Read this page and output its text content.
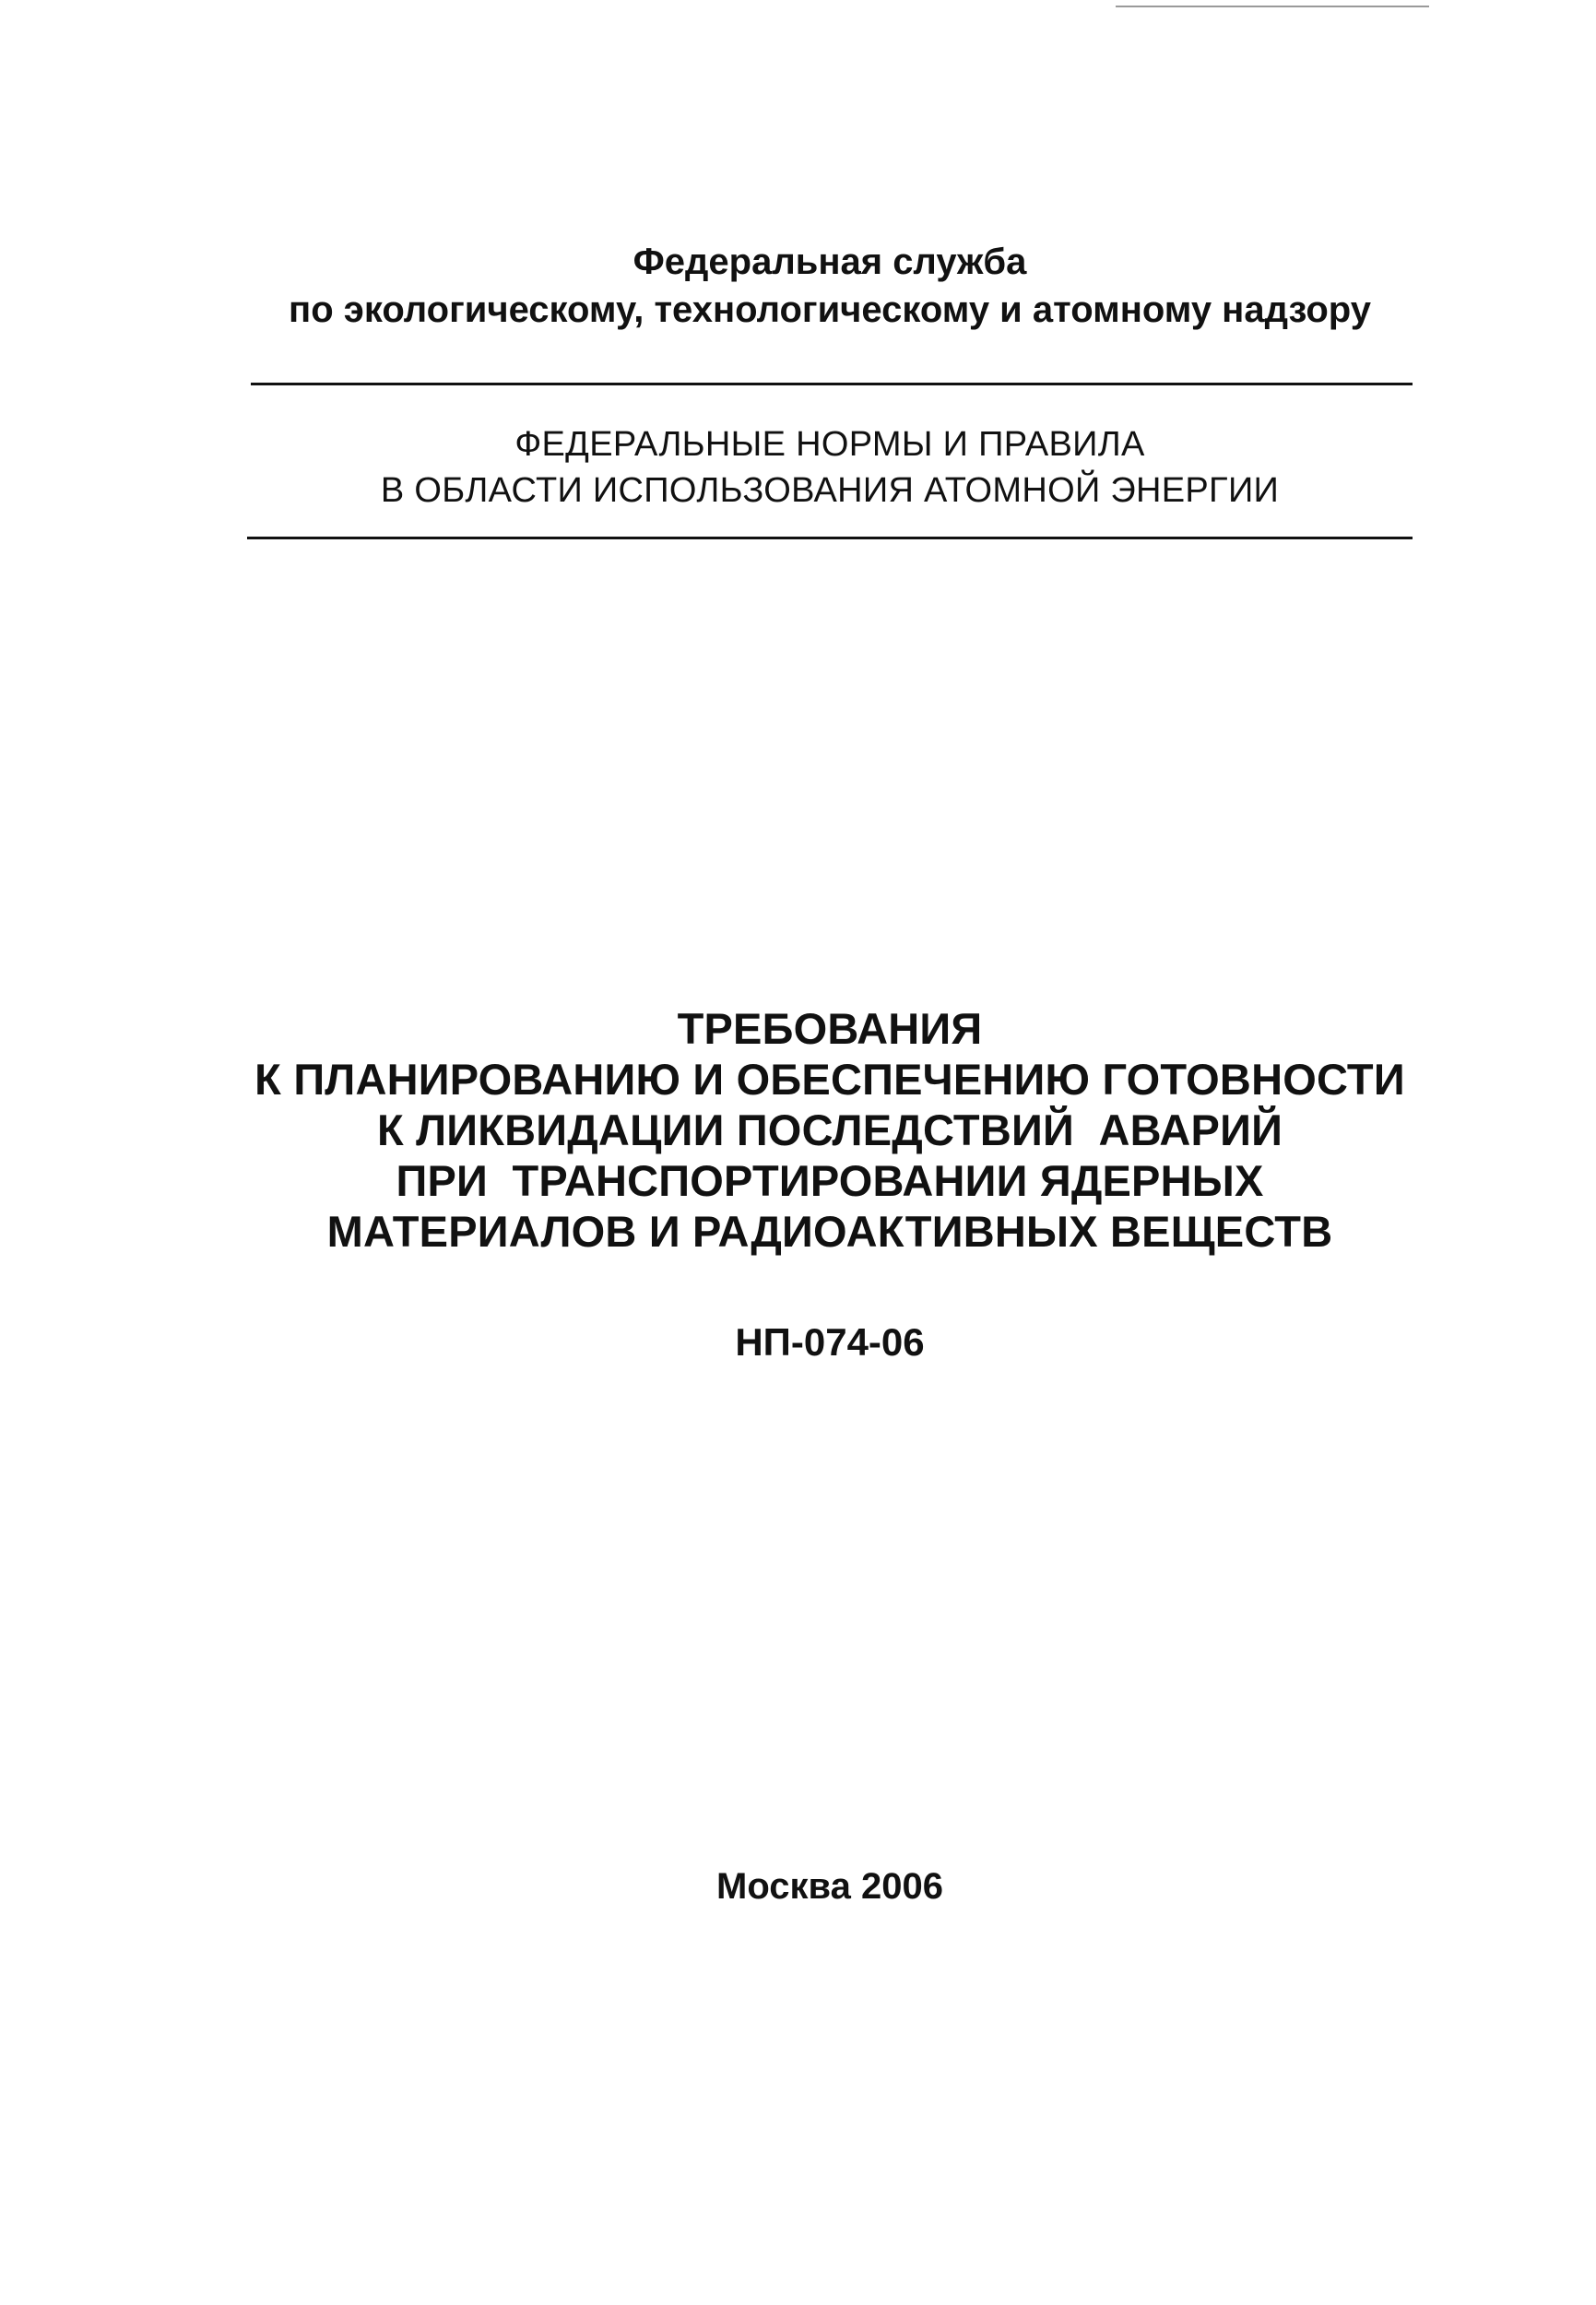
Федеральная служба
по экологическому, технологическому и атомному надзору
ФЕДЕРАЛЬНЫЕ НОРМЫ И ПРАВИЛА
В ОБЛАСТИ ИСПОЛЬЗОВАНИЯ АТОМНОЙ ЭНЕРГИИ
ТРЕБОВАНИЯ
К ПЛАНИРОВАНИЮ И ОБЕСПЕЧЕНИЮ ГОТОВНОСТИ
К ЛИКВИДАЦИИ ПОСЛЕДСТВИЙ  АВАРИЙ
ПРИ  ТРАНСПОРТИРОВАНИИ ЯДЕРНЫХ
МАТЕРИАЛОВ И РАДИОАКТИВНЫХ ВЕЩЕСТВ
НП-074-06
Москва 2006
